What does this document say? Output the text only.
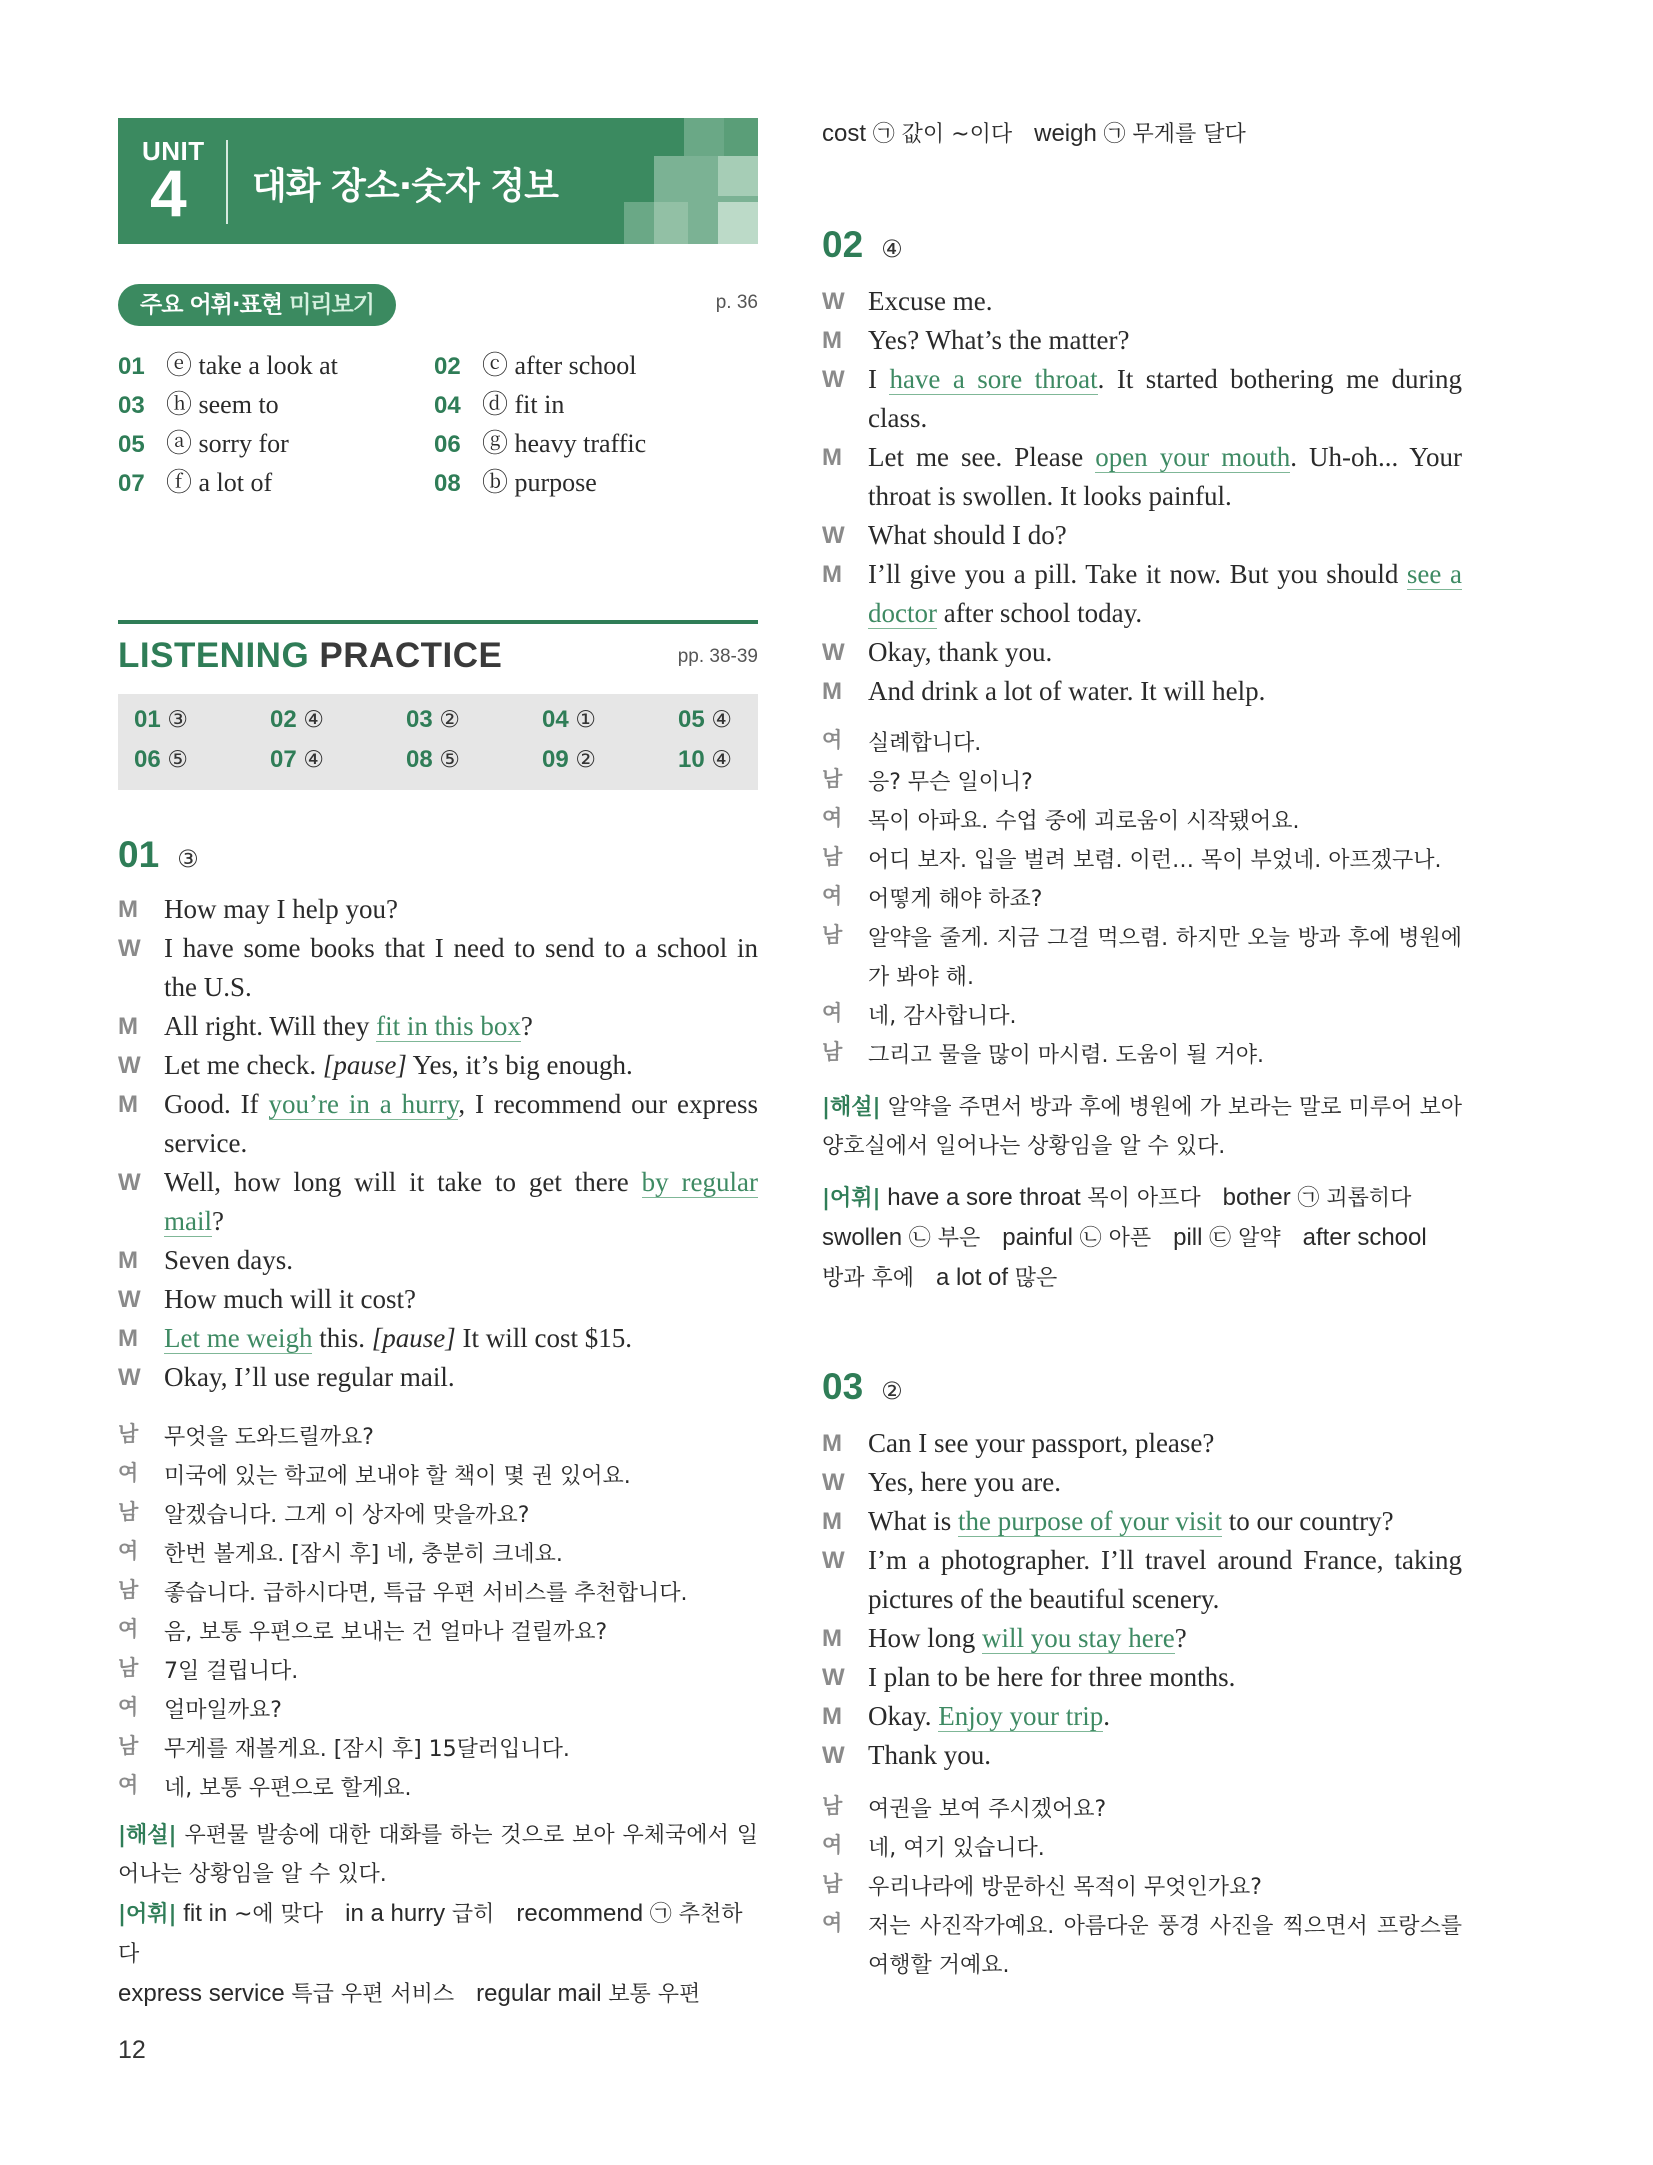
UNIT
4 대화 장소·숫자 정보
주요 어휘·표현 미리보기	p. 36
01 ⓔ take a look at	02 ⓒ after school
03 ⓗ seem to	04 ⓓ fit in
05 ⓐ sorry for	06 ⓖ heavy traffic
07 ⓕ a lot of	08 ⓑ purpose
LISTENING PRACTICE	pp. 38-39
01 ③	02 ④	03 ②	04 ①	05 ④
06 ⑤	07 ④	08 ⑤	09 ②	10 ④
01 ③
M How may I help you?
W I have some books that I need to send to a school in the U.S.
M All right. Will they fit in this box?
W Let me check. [pause] Yes, it’s big enough.
M Good. If you’re in a hurry, I recommend our express service.
W Well, how long will it take to get there by regular mail?
M Seven days.
W How much will it cost?
M Let me weigh this. [pause] It will cost $15.
W Okay, I’ll use regular mail.
남	무엇을 도와드릴까요?
여	미국에 있는 학교에 보내야 할 책이 몇 권 있어요.
남	알겠습니다. 그게 이 상자에 맞을까요?
여	한번 볼게요. [잠시 후] 네, 충분히 크네요.
남	좋습니다. 급하시다면, 특급 우편 서비스를 추천합니다.
여	음, 보통 우편으로 보내는 건 얼마나 걸릴까요?
남	7일 걸립니다.
여	얼마일까요?
남	무게를 재볼게요. [잠시 후] 15달러입니다.
여	네, 보통 우편으로 할게요.
|해설| 우편물 발송에 대한 대화를 하는 것으로 보아 우체국에서 일어나는 상황임을 알 수 있다.
|어휘| fit in ~에 맞다 in a hurry 급히 recommend ㉠ 추천하다
express service 특급 우편 서비스 regular mail 보통 우편
12
cost ㉠ 값이 ~이다 weigh ㉠ 무게를 달다
02 ④
W Excuse me.
M Yes? What’s the matter?
W I have a sore throat. It started bothering me during class.
M Let me see. Please open your mouth. Uh-oh... Your throat is swollen. It looks painful.
W What should I do?
M I’ll give you a pill. Take it now. But you should see a doctor after school today.
W Okay, thank you.
M And drink a lot of water. It will help.
여	실례합니다.
남	응? 무슨 일이니?
여	목이 아파요. 수업 중에 괴로움이 시작됐어요.
남	어디 보자. 입을 벌려 보렴. 이런… 목이 부었네. 아프겠구나.
여	어떻게 해야 하죠?
남	알약을 줄게. 지금 그걸 먹으렴. 하지만 오늘 방과 후에 병원에 가 봐야 해.
여	네, 감사합니다.
남	그리고 물을 많이 마시렴. 도움이 될 거야.
|해설| 알약을 주면서 방과 후에 병원에 가 보라는 말로 미루어 보아 양호실에서 일어나는 상황임을 알 수 있다.
|어휘| have a sore throat 목이 아프다 bother ㉠ 괴롭히다
swollen ㉡ 부은 painful ㉡ 아픈 pill ㉢ 알약 after school
방과 후에 a lot of 많은
03 ②
M Can I see your passport, please?
W Yes, here you are.
M What is the purpose of your visit to our country?
W I’m a photographer. I’ll travel around France, taking pictures of the beautiful scenery.
M How long will you stay here?
W I plan to be here for three months.
M Okay. Enjoy your trip.
W Thank you.
남	여권을 보여 주시겠어요?
여	네, 여기 있습니다.
남	우리나라에 방문하신 목적이 무엇인가요?
여	저는 사진작가예요. 아름다운 풍경 사진을 찍으면서 프랑스를 여행할 거예요.
